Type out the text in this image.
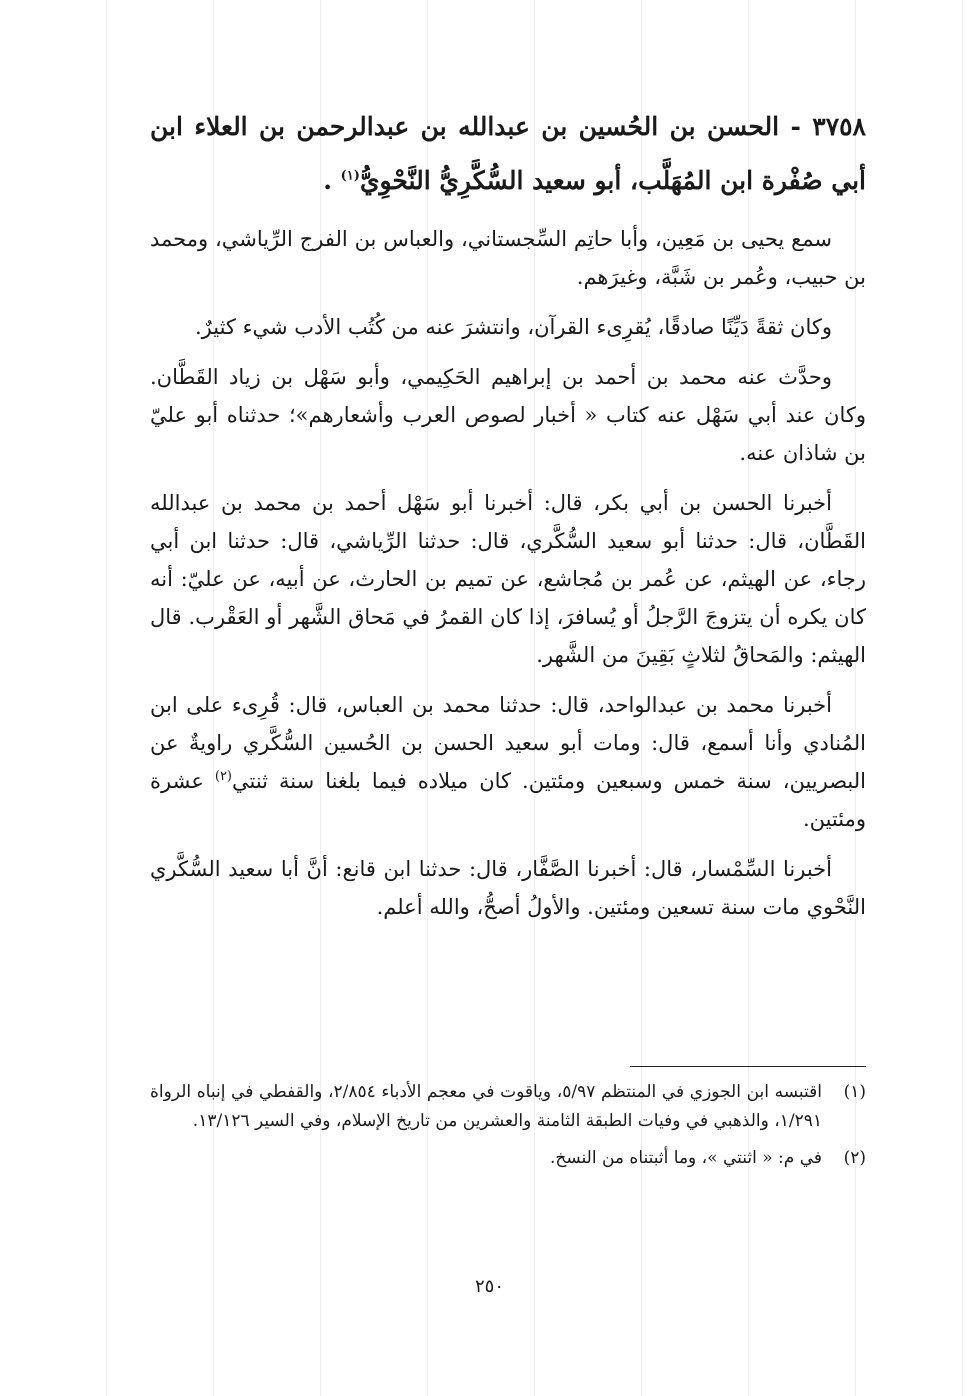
٣٧٥٨ - الحسن بن الحُسين بن عبدالله بن عبدالرحمن بن العلاء ابن أبي صُفْرة ابن المُهَلَّب، أبو سعيد السُّكَّرِيُّ النَّحْوِيُّ$^{(١)}$ .

سمع يحيى بن مَعِين، وأبا حاتِم السِّجستاني، والعباس بن الفرج الرِّياشي، ومحمد بن حبيب، وعُمر بن شَبَّة، وغيرَهم.

وكان ثقةً دَيِّنًا صادقًا، يُقرِىء القرآن، وانتشرَ عنه من كُتُب الأدب شيء كثيرٌ.

وحدَّث عنه محمد بن أحمد بن إبراهيم الحَكِيمي، وأبو سَهْل بن زياد القَطَّان. وكان عند أبي سَهْل عنه كتاب « أخبار لصوص العرب وأشعارهم»؛ حدثناه أبو عليّ بن شاذان عنه.

أخبرنا الحسن بن أبي بكر، قال: أخبرنا أبو سَهْل أحمد بن محمد بن عبدالله القَطَّان، قال: حدثنا أبو سعيد السُّكَّري، قال: حدثنا الرِّياشي، قال: حدثنا ابن أبي رجاء، عن الهيثم، عن عُمر بن مُجاشع، عن تميم بن الحارث، عن أبيه، عن عليّ: أنه كان يكره أن يتزوجَ الرَّجلُ أو يُسافرَ، إذا كان القمرُ في مَحاق الشَّهر أو العَقْرب. قال الهيثم: والمَحاقُ لثلاثٍ بَقِينَ من الشَّهر.

أخبرنا محمد بن عبدالواحد، قال: حدثنا محمد بن العباس، قال: قُرِىء على ابن المُنادي وأنا أسمع، قال: ومات أبو سعيد الحسن بن الحُسين السُّكَّري راويةٌ عن البصريين، سنة خمس وسبعين ومئتين. كان ميلاده فيما بلغنا سنة ثنتي$^{(٢)}$ عشرة ومئتين.

أخبرنا السِّمْسار، قال: أخبرنا الصَّفَّار، قال: حدثنا ابن قانع: أنَّ أبا سعيد السُّكَّري النَّحْوي مات سنة تسعين ومئتين. والأولُ أصحُّ، والله أعلم.

(١)
اقتبسه ابن الجوزي في المنتظم ٥/٩٧، وياقوت في معجم الأدباء ٢/٨٥٤، والقفطي في إنباه الرواة ١/٢٩١، والذهبي في وفيات الطبقة الثامنة والعشرين من تاريخ الإسلام، وفي السير ١٣/١٢٦.
(٢)
في م: « اثنتي »، وما أثبتناه من النسخ.
٢٥٠
